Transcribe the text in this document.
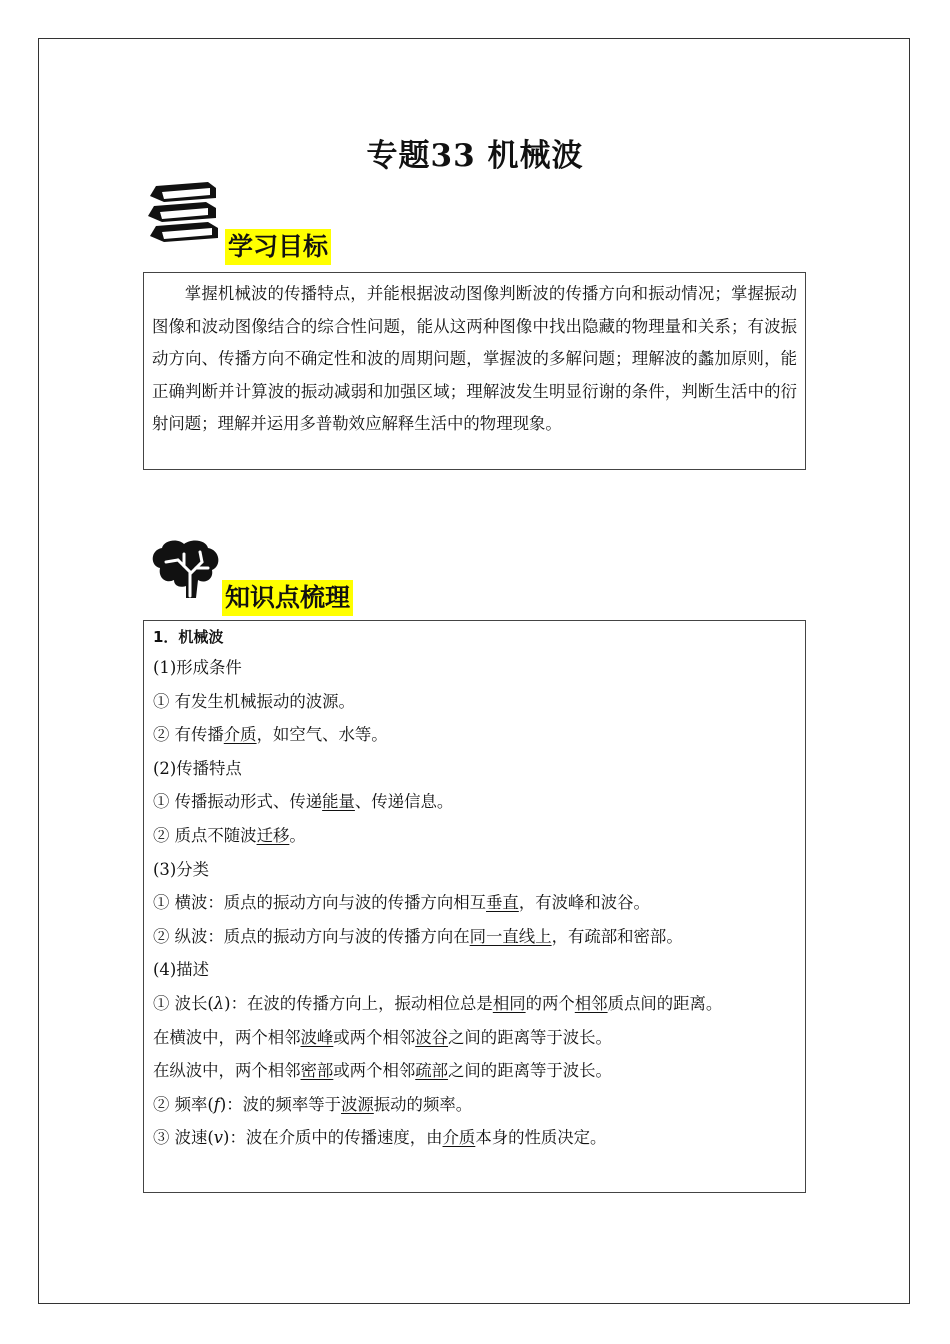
专题33 机械波
学习目标
掌握机械波的传播特点，并能根据波动图像判断波的传播方向和振动情况；掌握振动图像和波动图像结合的综合性问题，能从这两种图像中找出隐藏的物理量和关系；有波振动方向、传播方向不确定性和波的周期问题，掌握波的多解问题；理解波的蠡加原则，能正确判断并计算波的振动减弱和加强区域；理解波发生明显衍谢的条件，判断生活中的衍射问题；理解并运用多普勒效应解释生活中的物理现象。
知识点梳理
1．机械波
(1)形成条件
① 有发生机械振动的波源。
② 有传播介质，如空气、水等。
(2)传播特点
① 传播振动形式、传递能量、传递信息。
② 质点不随波迁移。
(3)分类
① 横波：质点的振动方向与波的传播方向相互垂直，有波峰和波谷。
② 纵波：质点的振动方向与波的传播方向在同一直线上，有疏部和密部。
(4)描述
① 波长(λ)：在波的传播方向上，振动相位总是相同的两个相邻质点间的距离。
在横波中，两个相邻波峰或两个相邻波谷之间的距离等于波长。
在纵波中，两个相邻密部或两个相邻疏部之间的距离等于波长。
② 频率(f)：波的频率等于波源振动的频率。
③ 波速(v)：波在介质中的传播速度，由介质本身的性质决定。
